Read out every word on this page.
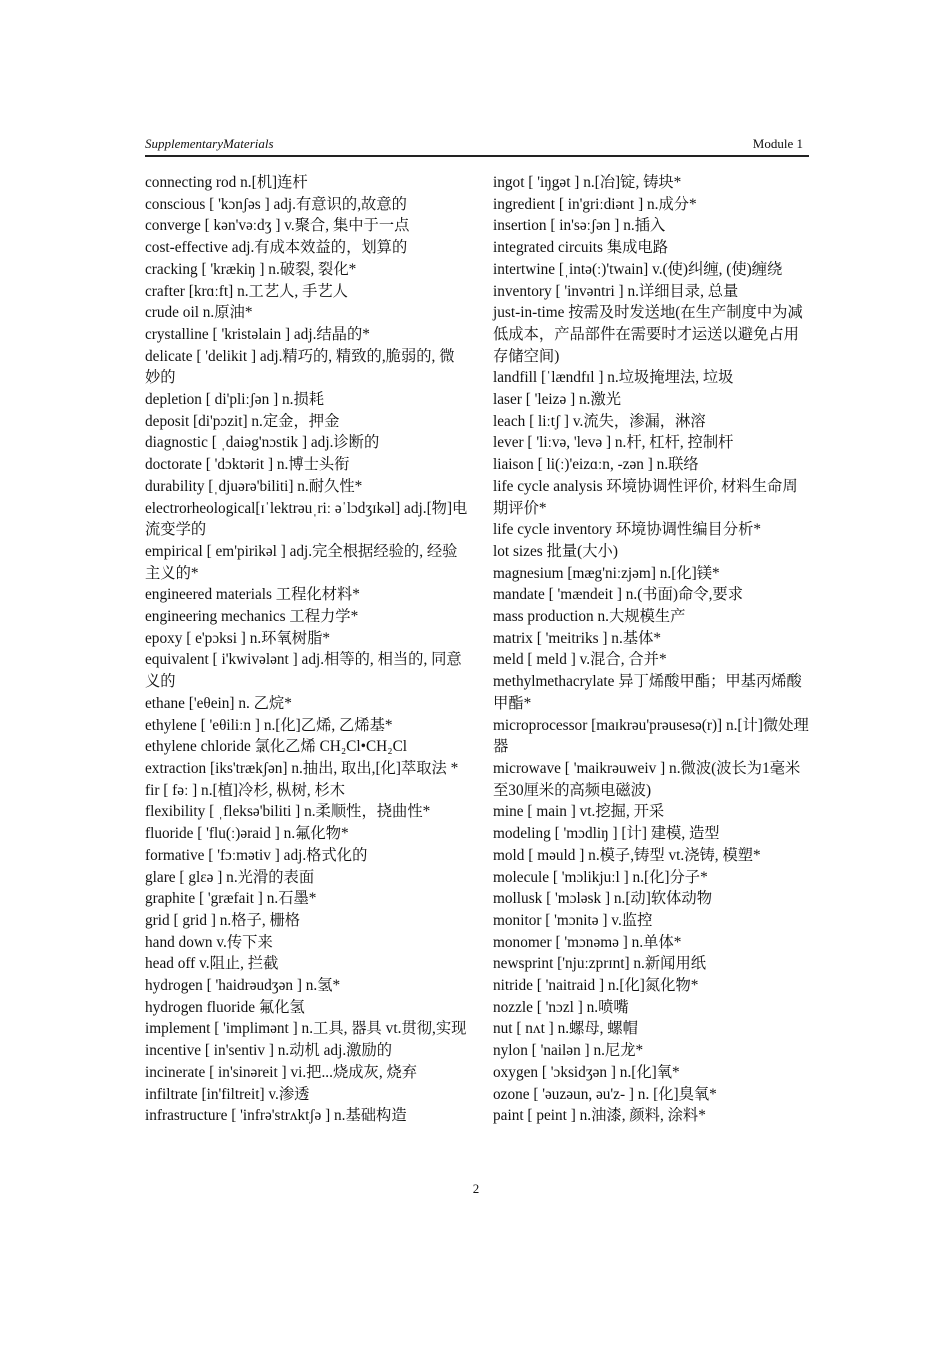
SupplementaryMaterials	Module 1

connecting rod n.[机]连杆

conscious [ 'kɔnʃəs ] adj.有意识的,故意的

converge [ kən'vəːdʒ ] v.聚合, 集中于一点

cost-effective adj.有成本效益的，划算的

cracking [ 'krækiŋ ] n.破裂, 裂化*

crafter [krɑːft] n.工艺人, 手艺人

crude oil n.原油*

crystalline [ 'kristəlain ] adj.结晶的*

delicate [ 'delikit ] adj.精巧的, 精致的,脆弱的, 微妙的

depletion [ di'pliːʃən ] n.损耗

deposit [di'pɔzit] n.定金，押金

diagnostic [ ˌdaiəg'nɔstik ] adj.诊断的

doctorate [ 'dɔktərit ] n.博士头衔

durability [ˌdjuərə'biliti] n.耐久性*

electrorheological[ɪˈlektrəuˌriː əˈlɔdʒɪkəl] adj.[物]电流变学的

empirical [ em'pirikəl ] adj.完全根据经验的, 经验主义的*

engineered materials 工程化材料*

engineering mechanics 工程力学*

epoxy [ e'pɔksi ] n.环氧树脂*

equivalent [ i'kwivələnt ] adj.相等的, 相当的, 同意义的

ethane ['eθein] n. 乙烷*

ethylene [ 'eθiliːn ] n.[化]乙烯, 乙烯基*

ethylene chloride 氯化乙烯 CH₂Cl•CH₂Cl

extraction [iks'trækʃən] n.抽出, 取出,[化]萃取法 *

fir [ fəː ] n.[植]冷杉, 枞树, 杉木

flexibility [ ˌfleksə'biliti ] n.柔顺性，挠曲性*

fluoride [ 'flu(ː)əraid ] n.氟化物*

formative [ 'fɔːmətiv ] adj.格式化的

glare [ glεə ] n.光滑的表面

graphite [ 'græfait ] n.石墨*

grid [ grid ] n.格子, 栅格

hand down v.传下来

head off v.阻止, 拦截

hydrogen [ 'haidrəudʒən ] n.氢*

hydrogen fluoride 氟化氢

implement [ 'implimənt ] n.工具, 器具 vt.贯彻,实现

incentive [ in'sentiv ] n.动机 adj.激励的

incinerate [ in'sinəreit ] vi.把...烧成灰, 烧弃

infiltrate [in'filtreit] v.渗透

infrastructure [ 'infrə'strʌktʃə ] n.基础构造

ingot [ 'iŋgət ] n.[冶]锭, 铸块*

ingredient [ in'griːdiənt ] n.成分*

insertion [ in'səːʃən ] n.插入

integrated circuits 集成电路

intertwine [ˌintə(ː)'twain] v.(使)纠缠, (使)缠绕

inventory [ 'invəntri ] n.详细目录, 总量

just-in-time 按需及时发送地(在生产制度中为减低成本，产品部件在需要时才运送以避免占用存储空间)

landfill [ˈlændfɪl ] n.垃圾掩埋法, 垃圾

laser [ 'leizə ] n.激光

leach [ liːtʃ ] v.流失，渗漏，淋溶

lever [ 'liːvə, 'levə ] n.杆, 杠杆, 控制杆

liaison [ li(ː)'eizɑːn, -zən ] n.联络

life cycle analysis 环境协调性评价, 材料生命周期评价*

life cycle inventory 环境协调性编目分析*

lot sizes 批量(大小)

magnesium [mæg'niːzjəm] n.[化]镁*

mandate [ 'mændeit ] n.(书面)命令,要求

mass production n.大规模生产

matrix [ 'meitriks ] n.基体*

meld [ meld ] v.混合, 合并*

methylmethacrylate 异丁烯酸甲酯；甲基丙烯酸甲酯*

microprocessor [maɪkrəu'prəusesə(r)] n.[计]微处理器

microwave [ 'maikrəuweiv ] n.微波(波长为1毫米至30厘米的高频电磁波)

mine [ main ] vt.挖掘, 开采

modeling [ 'mɔdliŋ ] [计] 建模, 造型

mold [ məuld ] n.模子,铸型 vt.浇铸, 模塑*

molecule [ 'mɔlikjuːl ] n.[化]分子*

mollusk [ 'mɔləsk ] n.[动]软体动物

monitor [ 'mɔnitə ] v.监控

monomer [ 'mɔnəmə ] n.单体*

newsprint ['njuːzprɪnt] n.新闻用纸

nitride [ 'naitraid ] n.[化]氮化物*

nozzle [ 'nɔzl ] n.喷嘴

nut [ nʌt ] n.螺母, 螺帽

nylon [ 'nailən ] n.尼龙*

oxygen [ 'ɔksidʒən ] n.[化]氧*

ozone [ 'əuzəun, əu'z- ] n. [化]臭氧*

paint [ peint ] n.油漆, 颜料, 涂料*

2
